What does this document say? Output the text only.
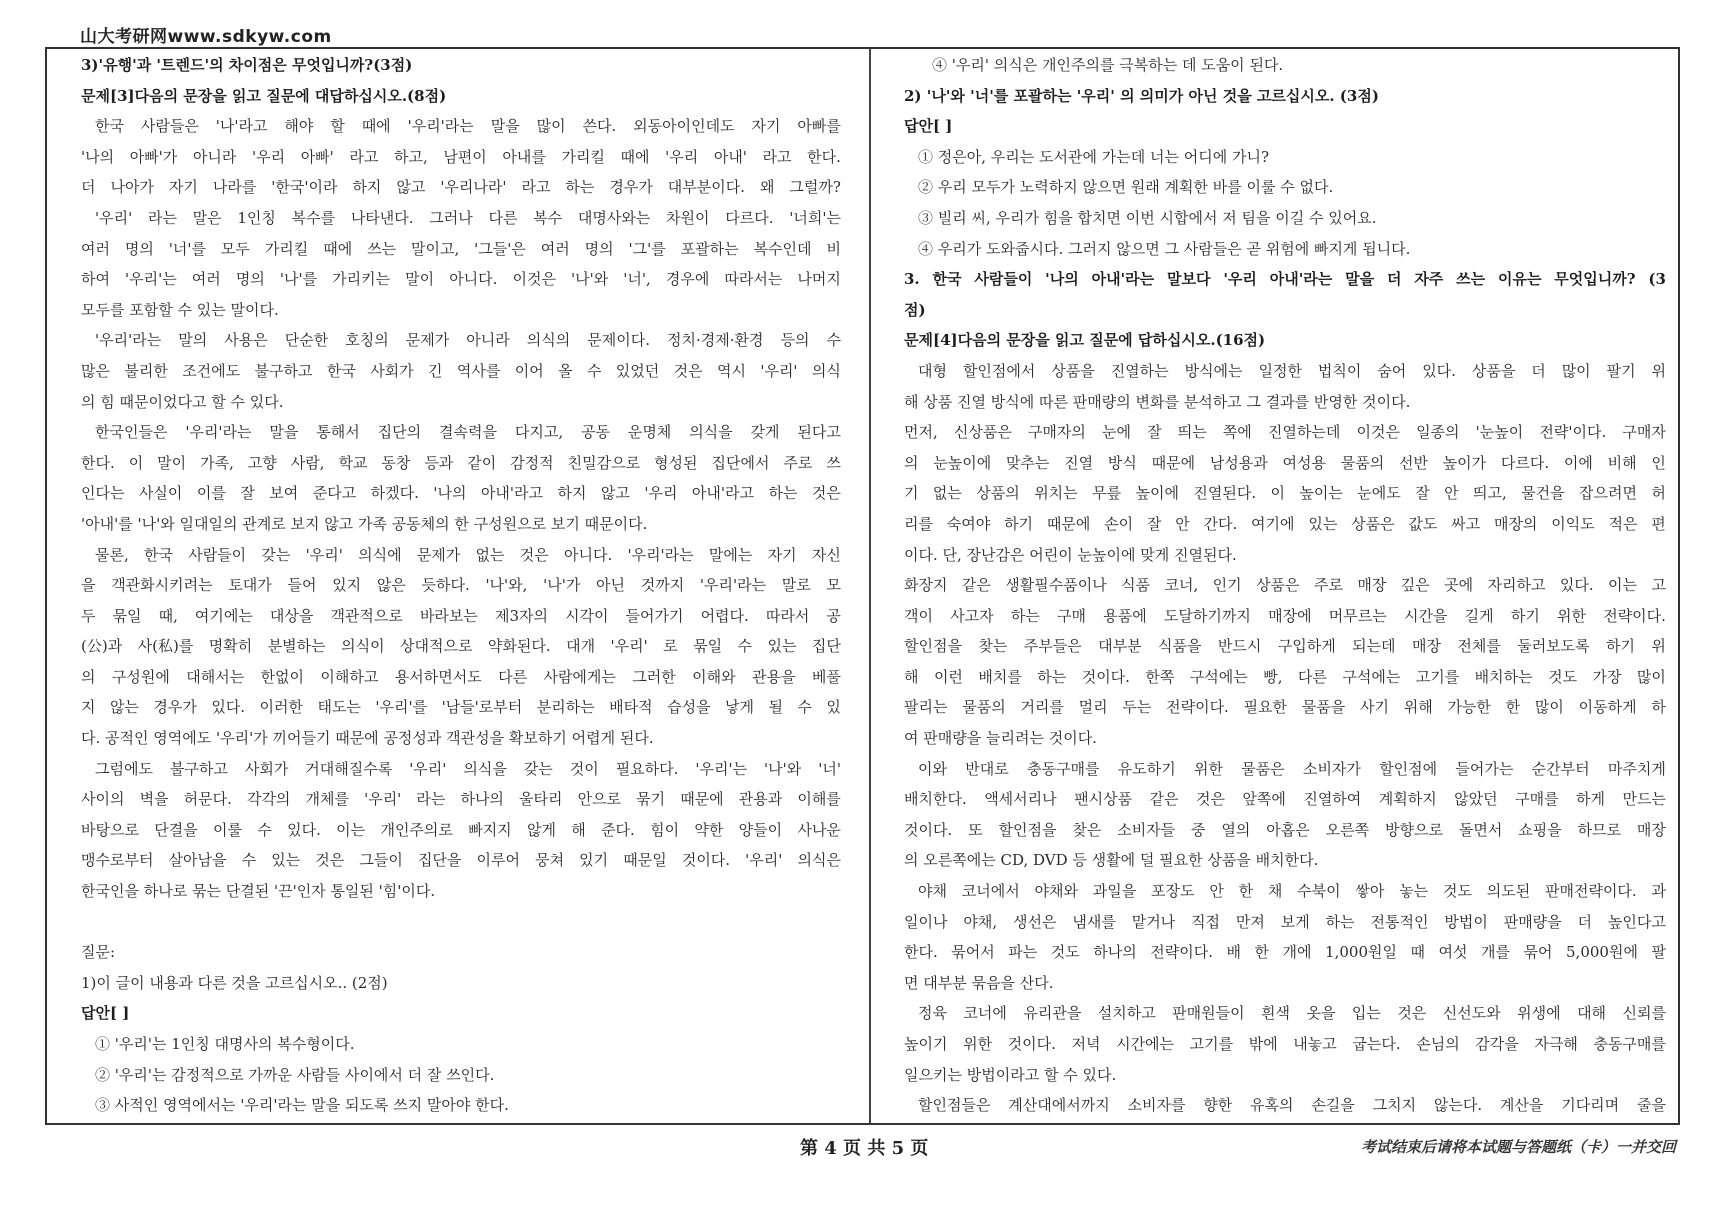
山大考研网www.sdkyw.com
3)'유행'과 '트렌드'의 차이점은 무엇입니까?(3점)
문제[3]다음의 문장을 읽고 질문에 대답하십시오.(8점)
한국 사람들은 '나'라고 해야 할 때에 '우리'라는 말을 많이 쓴다. 외동아이인데도 자기 아빠를
'나의 아빠'가 아니라 '우리 아빠' 라고 하고, 남편이 아내를 가리킬 때에 '우리 아내' 라고 한다.
더 나아가 자기 나라를 '한국'이라 하지 않고 '우리나라' 라고 하는 경우가 대부분이다. 왜 그럴까?
'우리' 라는 말은 1인칭 복수를 나타낸다. 그러나 다른 복수 대명사와는 차원이 다르다. '너희'는
여러 명의 '너'를 모두 가리킬 때에 쓰는 말이고, '그들'은 여러 명의 '그'를 포괄하는 복수인데 비
하여 '우리'는 여러 명의 '나'를 가리키는 말이 아니다. 이것은 '나'와 '너', 경우에 따라서는 나머지
모두를 포함할 수 있는 말이다.
'우리'라는 말의 사용은 단순한 호칭의 문제가 아니라 의식의 문제이다. 정치·경제·환경 등의 수
많은 불리한 조건에도 불구하고 한국 사회가 긴 역사를 이어 올 수 있었던 것은 역시 '우리' 의식
의 힘 때문이었다고 할 수 있다.
한국인들은 '우리'라는 말을 통해서 집단의 결속력을 다지고, 공동 운명체 의식을 갖게 된다고
한다. 이 말이 가족, 고향 사람, 학교 동창 등과 같이 감정적 친밀감으로 형성된 집단에서 주로 쓰
인다는 사실이 이를 잘 보여 준다고 하겠다. '나의 아내'라고 하지 않고 '우리 아내'라고 하는 것은
'아내'를 '나'와 일대일의 관계로 보지 않고 가족 공동체의 한 구성원으로 보기 때문이다.
물론, 한국 사람들이 갖는 '우리' 의식에 문제가 없는 것은 아니다. '우리'라는 말에는 자기 자신
을 객관화시키려는 토대가 들어 있지 않은 듯하다. '나'와, '나'가 아닌 것까지 '우리'라는 말로 모
두 묶일 때, 여기에는 대상을 객관적으로 바라보는 제3자의 시각이 들어가기 어렵다. 따라서 공
(公)과 사(私)를 명확히 분별하는 의식이 상대적으로 약화된다. 대개 '우리' 로 묶일 수 있는 집단
의 구성원에 대해서는 한없이 이해하고 용서하면서도 다른 사람에게는 그러한 이해와 관용을 베풀
지 않는 경우가 있다. 이러한 태도는 '우리'를 '남들'로부터 분리하는 배타적 습성을 낳게 될 수 있
다. 공적인 영역에도 '우리'가 끼어들기 때문에 공정성과 객관성을 확보하기 어렵게 된다.
그럼에도 불구하고 사회가 거대해질수록 '우리' 의식을 갖는 것이 필요하다. '우리'는 '나'와 '너'
사이의 벽을 허문다. 각각의 개체를 '우리' 라는 하나의 울타리 안으로 묶기 때문에 관용과 이해를
바탕으로 단결을 이룰 수 있다. 이는 개인주의로 빠지지 않게 해 준다. 힘이 약한 양들이 사나운
맹수로부터 살아남을 수 있는 것은 그들이 집단을 이루어 뭉쳐 있기 때문일 것이다. '우리' 의식은
한국인을 하나로 묶는 단결된 '끈'인자 통일된 '힘'이다.
질문:
1)이 글이 내용과 다른 것을 고르십시오.. (2점)
답안[ ]
① '우리'는 1인칭 대명사의 복수형이다.
② '우리'는 감정적으로 가까운 사람들 사이에서 더 잘 쓰인다.
③ 사적인 영역에서는 '우리'라는 말을 되도록 쓰지 말아야 한다.
④ '우리' 의식은 개인주의를 극복하는 데 도움이 된다.
2) '나'와 '너'를 포괄하는 '우리' 의 의미가 아닌 것을 고르십시오. (3점)
답안[ ]
① 정은아, 우리는 도서관에 가는데 너는 어디에 가니?
② 우리 모두가 노력하지 않으면 원래 계획한 바를 이룰 수 없다.
③ 빌리 씨, 우리가 힘을 합치면 이번 시합에서 저 팀을 이길 수 있어요.
④ 우리가 도와줍시다. 그러지 않으면 그 사람들은 곧 위험에 빠지게 됩니다.
3. 한국 사람들이 '나의 아내'라는 말보다 '우리 아내'라는 말을 더 자주 쓰는 이유는 무엇입니까? (3
점)
문제[4]다음의 문장을 읽고 질문에 답하십시오.(16점)
대형 할인점에서 상품을 진열하는 방식에는 일정한 법칙이 숨어 있다. 상품을 더 많이 팔기 위
해 상품 진열 방식에 따른 판매량의 변화를 분석하고 그 결과를 반영한 것이다.
먼저, 신상품은 구매자의 눈에 잘 띄는 쪽에 진열하는데 이것은 일종의 '눈높이 전략'이다. 구매자
의 눈높이에 맞추는 진열 방식 때문에 남성용과 여성용 물품의 선반 높이가 다르다. 이에 비해 인
기 없는 상품의 위치는 무릎 높이에 진열된다. 이 높이는 눈에도 잘 안 띄고, 물건을 잡으려면 허
리를 숙여야 하기 때문에 손이 잘 안 간다. 여기에 있는 상품은 값도 싸고 매장의 이익도 적은 편
이다. 단, 장난감은 어린이 눈높이에 맞게 진열된다.
화장지 같은 생활필수품이나 식품 코너, 인기 상품은 주로 매장 깊은 곳에 자리하고 있다. 이는 고
객이 사고자 하는 구매 용품에 도달하기까지 매장에 머무르는 시간을 길게 하기 위한 전략이다.
할인점을 찾는 주부들은 대부분 식품을 반드시 구입하게 되는데 매장 전체를 둘러보도록 하기 위
해 이런 배치를 하는 것이다. 한쪽 구석에는 빵, 다른 구석에는 고기를 배치하는 것도 가장 많이
팔리는 물품의 거리를 멀리 두는 전략이다. 필요한 물품을 사기 위해 가능한 한 많이 이동하게 하
여 판매량을 늘리려는 것이다.
이와 반대로 충동구매를 유도하기 위한 물품은 소비자가 할인점에 들어가는 순간부터 마주치게
배치한다. 액세서리나 팬시상품 같은 것은 앞쪽에 진열하여 계획하지 않았던 구매를 하게 만드는
것이다. 또 할인점을 찾은 소비자들 중 열의 아홉은 오른쪽 방향으로 돌면서 쇼핑을 하므로 매장
의 오른쪽에는 CD, DVD 등 생활에 덜 필요한 상품을 배치한다.
야채 코너에서 야채와 과일을 포장도 안 한 채 수북이 쌓아 놓는 것도 의도된 판매전략이다. 과
일이나 야채, 생선은 냄새를 맡거나 직접 만져 보게 하는 전통적인 방법이 판매량을 더 높인다고
한다. 묶어서 파는 것도 하나의 전략이다. 배 한 개에 1,000원일 때 여섯 개를 묶어 5,000원에 팔
면 대부분 묶음을 산다.
정육 코너에 유리관을 설치하고 판매원들이 흰색 옷을 입는 것은 신선도와 위생에 대해 신뢰를
높이기 위한 것이다. 저녁 시간에는 고기를 밖에 내놓고 굽는다. 손님의 감각을 자극해 충동구매를
일으키는 방법이라고 할 수 있다.
할인점들은 계산대에서까지 소비자를 향한 유혹의 손길을 그치지 않는다. 계산을 기다리며 줄을
第 4 页 共 5 页	考试结束后请将本试题与答题纸（卡）一并交回
